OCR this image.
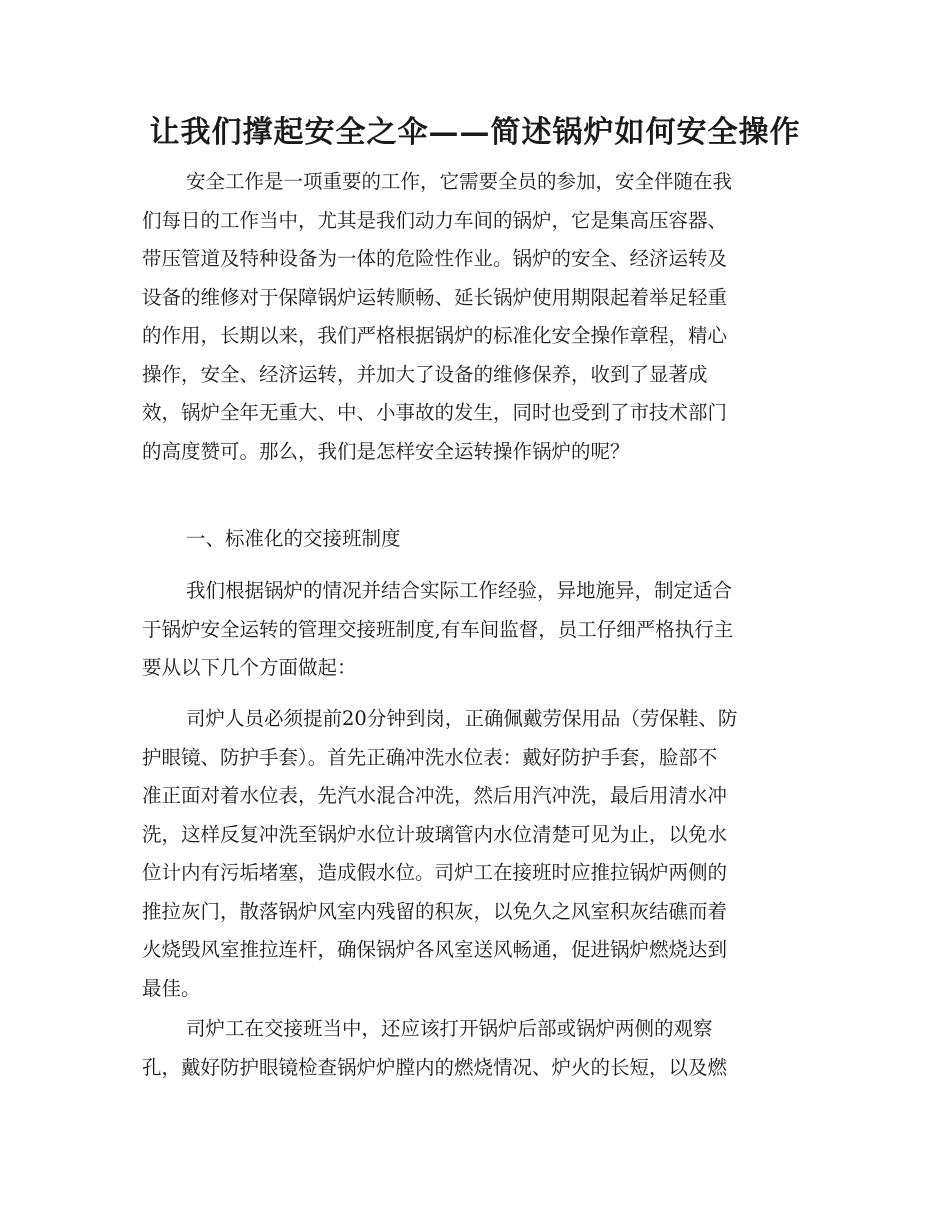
让我们撑起安全之伞——简述锅炉如何安全操作

安全工作是一项重要的工作，它需要全员的参加，安全伴随在我
们每日的工作当中，尤其是我们动力车间的锅炉，它是集高压容器、
带压管道及特种设备为一体的危险性作业。锅炉的安全、经济运转及
设备的维修对于保障锅炉运转顺畅、延长锅炉使用期限起着举足轻重
的作用，长期以来，我们严格根据锅炉的标准化安全操作章程，精心
操作，安全、经济运转，并加大了设备的维修保养，收到了显著成
效，锅炉全年无重大、中、小事故的发生，同时也受到了市技术部门
的高度赞可。那么，我们是怎样安全运转操作锅炉的呢？

一、标准化的交接班制度

我们根据锅炉的情况并结合实际工作经验，异地施异，制定适合
于锅炉安全运转的管理交接班制度,有车间监督，员工仔细严格执行主
要从以下几个方面做起：

司炉人员必须提前20分钟到岗，正确佩戴劳保用品（劳保鞋、防
护眼镜、防护手套）。首先正确冲洗水位表：戴好防护手套，脸部不
准正面对着水位表，先汽水混合冲洗，然后用汽冲洗，最后用清水冲
洗，这样反复冲洗至锅炉水位计玻璃管内水位清楚可见为止，以免水
位计内有污垢堵塞，造成假水位。司炉工在接班时应推拉锅炉两侧的
推拉灰门，散落锅炉风室内残留的积灰，以免久之风室积灰结礁而着
火烧毁风室推拉连杆，确保锅炉各风室送风畅通，促进锅炉燃烧达到
最佳。

司炉工在交接班当中，还应该打开锅炉后部或锅炉两侧的观察
孔，戴好防护眼镜检查锅炉炉膛内的燃烧情况、炉火的长短，以及燃
